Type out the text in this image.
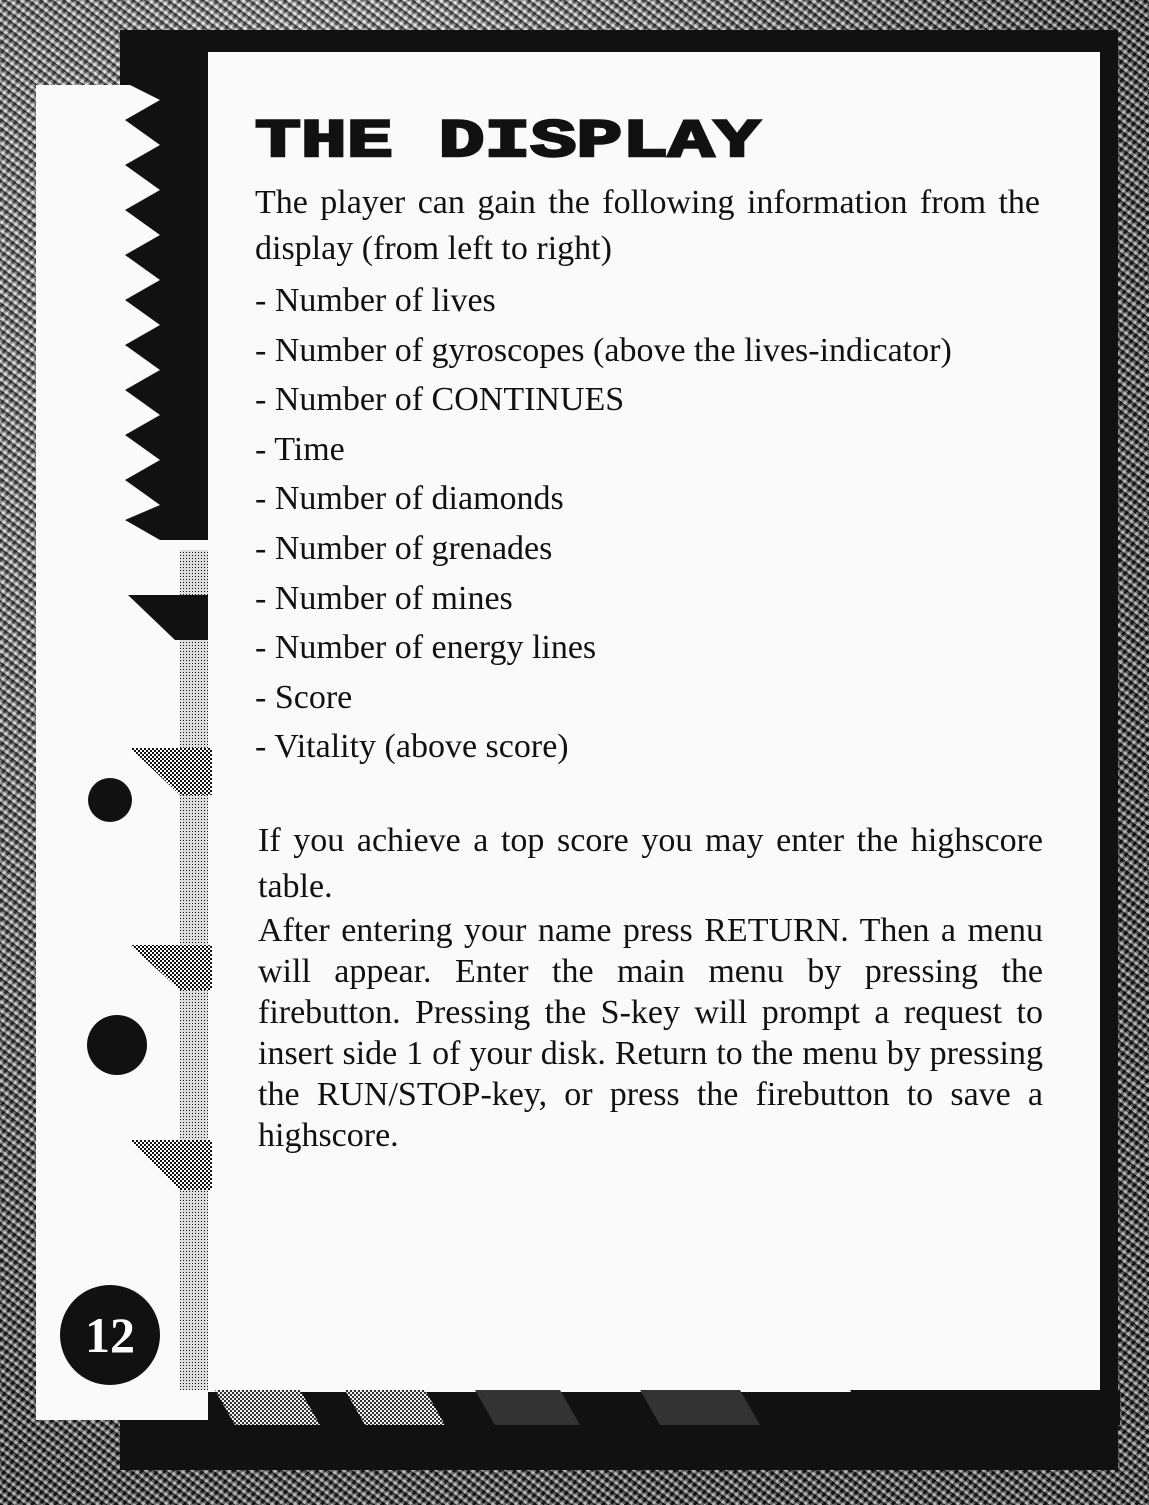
THE DISPLAY

The player can gain the following information from the display (from left to right)

- Number of lives
- Number of gyroscopes (above the lives-indicator)
- Number of CONTINUES
- Time
- Number of diamonds
- Number of grenades
- Number of mines
- Number of energy lines
- Score
- Vitality (above score)

If you achieve a top score you may enter the highscore table.

After entering your name press RETURN. Then a menu will appear. Enter the main menu by pressing the firebutton. Pressing the S-key will prompt a request to insert side 1 of your disk. Return to the menu by pressing the RUN/STOP-key, or press the firebutton to save a highscore.

12
